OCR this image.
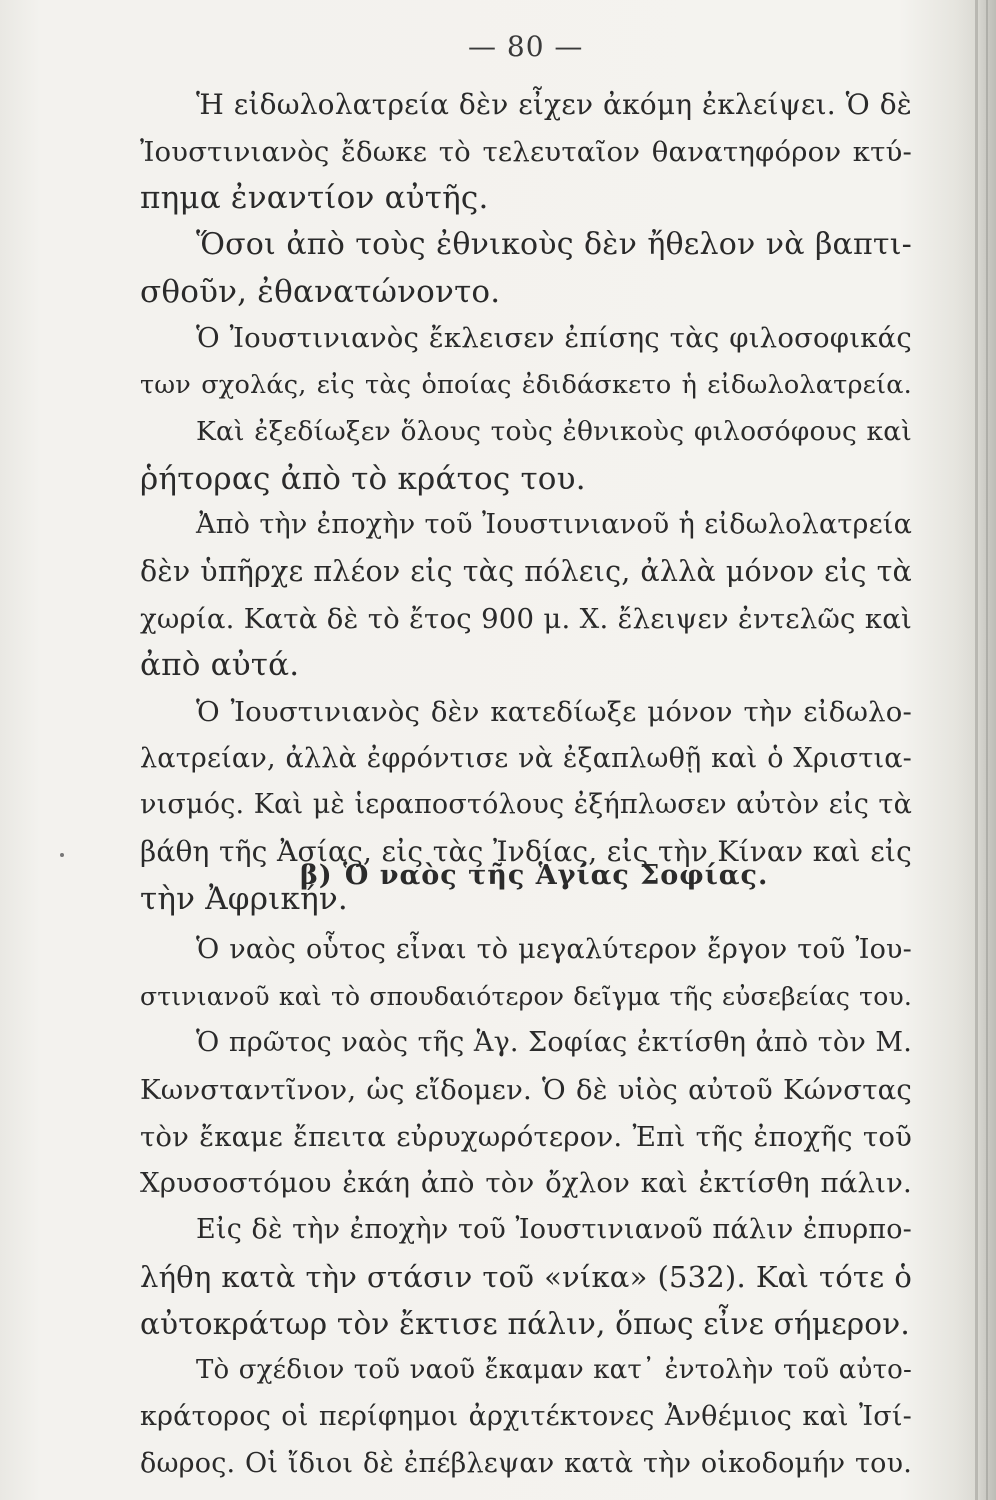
— 80 —
Ἡ εἰδωλολατρεία δὲν εἶχεν ἀκόμη ἐκλείψει. Ὁ δὲ
Ἰουστινιανὸς ἔδωκε τὸ τελευταῖον θανατηφόρον κτύ-
πημα ἐναντίον αὐτῆς.
Ὅσοι ἀπὸ τοὺς ἐθνικοὺς δὲν ἤθελον νὰ βαπτι-
σθοῦν, ἐθανατώνοντο.
Ὁ Ἰουστινιανὸς ἔκλεισεν ἐπίσης τὰς φιλοσοφικάς
των σχολάς, εἰς τὰς ὁποίας ἐδιδάσκετο ἡ εἰδωλολατρεία.
Καὶ ἐξεδίωξεν ὅλους τοὺς ἐθνικοὺς φιλοσόφους καὶ
ῥήτορας ἀπὸ τὸ κράτος του.
Ἀπὸ τὴν ἐποχὴν τοῦ Ἰουστινιανοῦ ἡ εἰδωλολατρεία
δὲν ὑπῆρχε πλέον εἰς τὰς πόλεις, ἀλλὰ μόνον εἰς τὰ
χωρία. Κατὰ δὲ τὸ ἔτος 900 μ. Χ. ἔλειψεν ἐντελῶς καὶ
ἀπὸ αὐτά.
Ὁ Ἰουστινιανὸς δὲν κατεδίωξε μόνον τὴν εἰδωλο-
λατρείαν, ἀλλὰ ἐφρόντισε νὰ ἐξαπλωθῇ καὶ ὁ Χριστια-
νισμός. Καὶ μὲ ἱεραποστόλους ἐξήπλωσεν αὐτὸν εἰς τὰ
βάθη τῆς Ἀσίας, εἰς τὰς Ἰνδίας, εἰς τὴν Κίναν καὶ εἰς
τὴν Ἀφρικήν.
β) Ὁ ναὸς τῆς Ἁγίας Σοφίας.
Ὁ ναὸς οὗτος εἶναι τὸ μεγαλύτερον ἔργον τοῦ Ἰου-
στινιανοῦ καὶ τὸ σπουδαιότερον δεῖγμα τῆς εὐσεβείας του.
Ὁ πρῶτος ναὸς τῆς Ἁγ. Σοφίας ἐκτίσθη ἀπὸ τὸν Μ.
Κωνσταντῖνον, ὡς εἴδομεν. Ὁ δὲ υἱὸς αὐτοῦ Κώνστας
τὸν ἔκαμε ἔπειτα εὐρυχωρότερον. Ἐπὶ τῆς ἐποχῆς τοῦ
Χρυσοστόμου ἐκάη ἀπὸ τὸν ὄχλον καὶ ἐκτίσθη πάλιν.
Εἰς δὲ τὴν ἐποχὴν τοῦ Ἰουστινιανοῦ πάλιν ἐπυρπο-
λήθη κατὰ τὴν στάσιν τοῦ «νίκα» (532). Καὶ τότε ὁ
αὐτοκράτωρ τὸν ἔκτισε πάλιν, ὅπως εἶνε σήμερον.
Τὸ σχέδιον τοῦ ναοῦ ἔκαμαν κατ᾿ ἐντολὴν τοῦ αὐτο-
κράτορος οἱ περίφημοι ἀρχιτέκτονες Ἀνθέμιος καὶ Ἰσί-
δωρος. Οἱ ἴδιοι δὲ ἐπέβλεψαν κατὰ τὴν οἰκοδομήν του.
